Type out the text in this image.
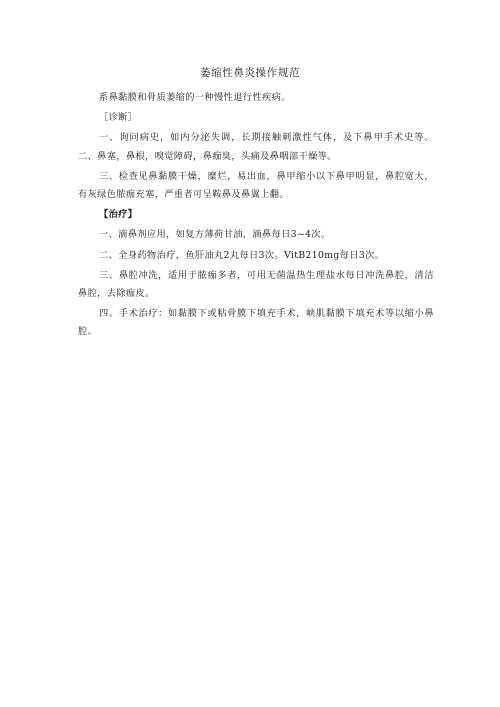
萎缩性鼻炎操作规范

系鼻黏膜和骨质萎缩的一种慢性退行性疾病。

［诊断］

一、询问病史，如内分泌失调，长期接触刺激性气体，及下鼻甲手术史等。二、鼻塞，鼻根，嗅觉障碍，鼻痂臭，头痛及鼻咽部干燥等。

三、检查见鼻黏膜干燥，糜烂，易出血，鼻甲缩小以下鼻甲明显，鼻腔宽大，有灰绿色脓痂充塞，严重者可呈鞍鼻及鼻翼上翻。

【治疗】

一、滴鼻剂应用，如复方薄荷甘油，滴鼻每日3~4次。

二、全身药物治疗，鱼肝油丸2丸每日3次。VitB210mg每日3次。

三、鼻腔冲洗，适用于脓痂多者，可用无菌温热生理盐水每日冲洗鼻腔，清洁鼻腔，去除痂皮。

四、手术治疗：如黏膜下或粘骨膜下填充手术，峡肌黏膜下填充术等以缩小鼻腔。
